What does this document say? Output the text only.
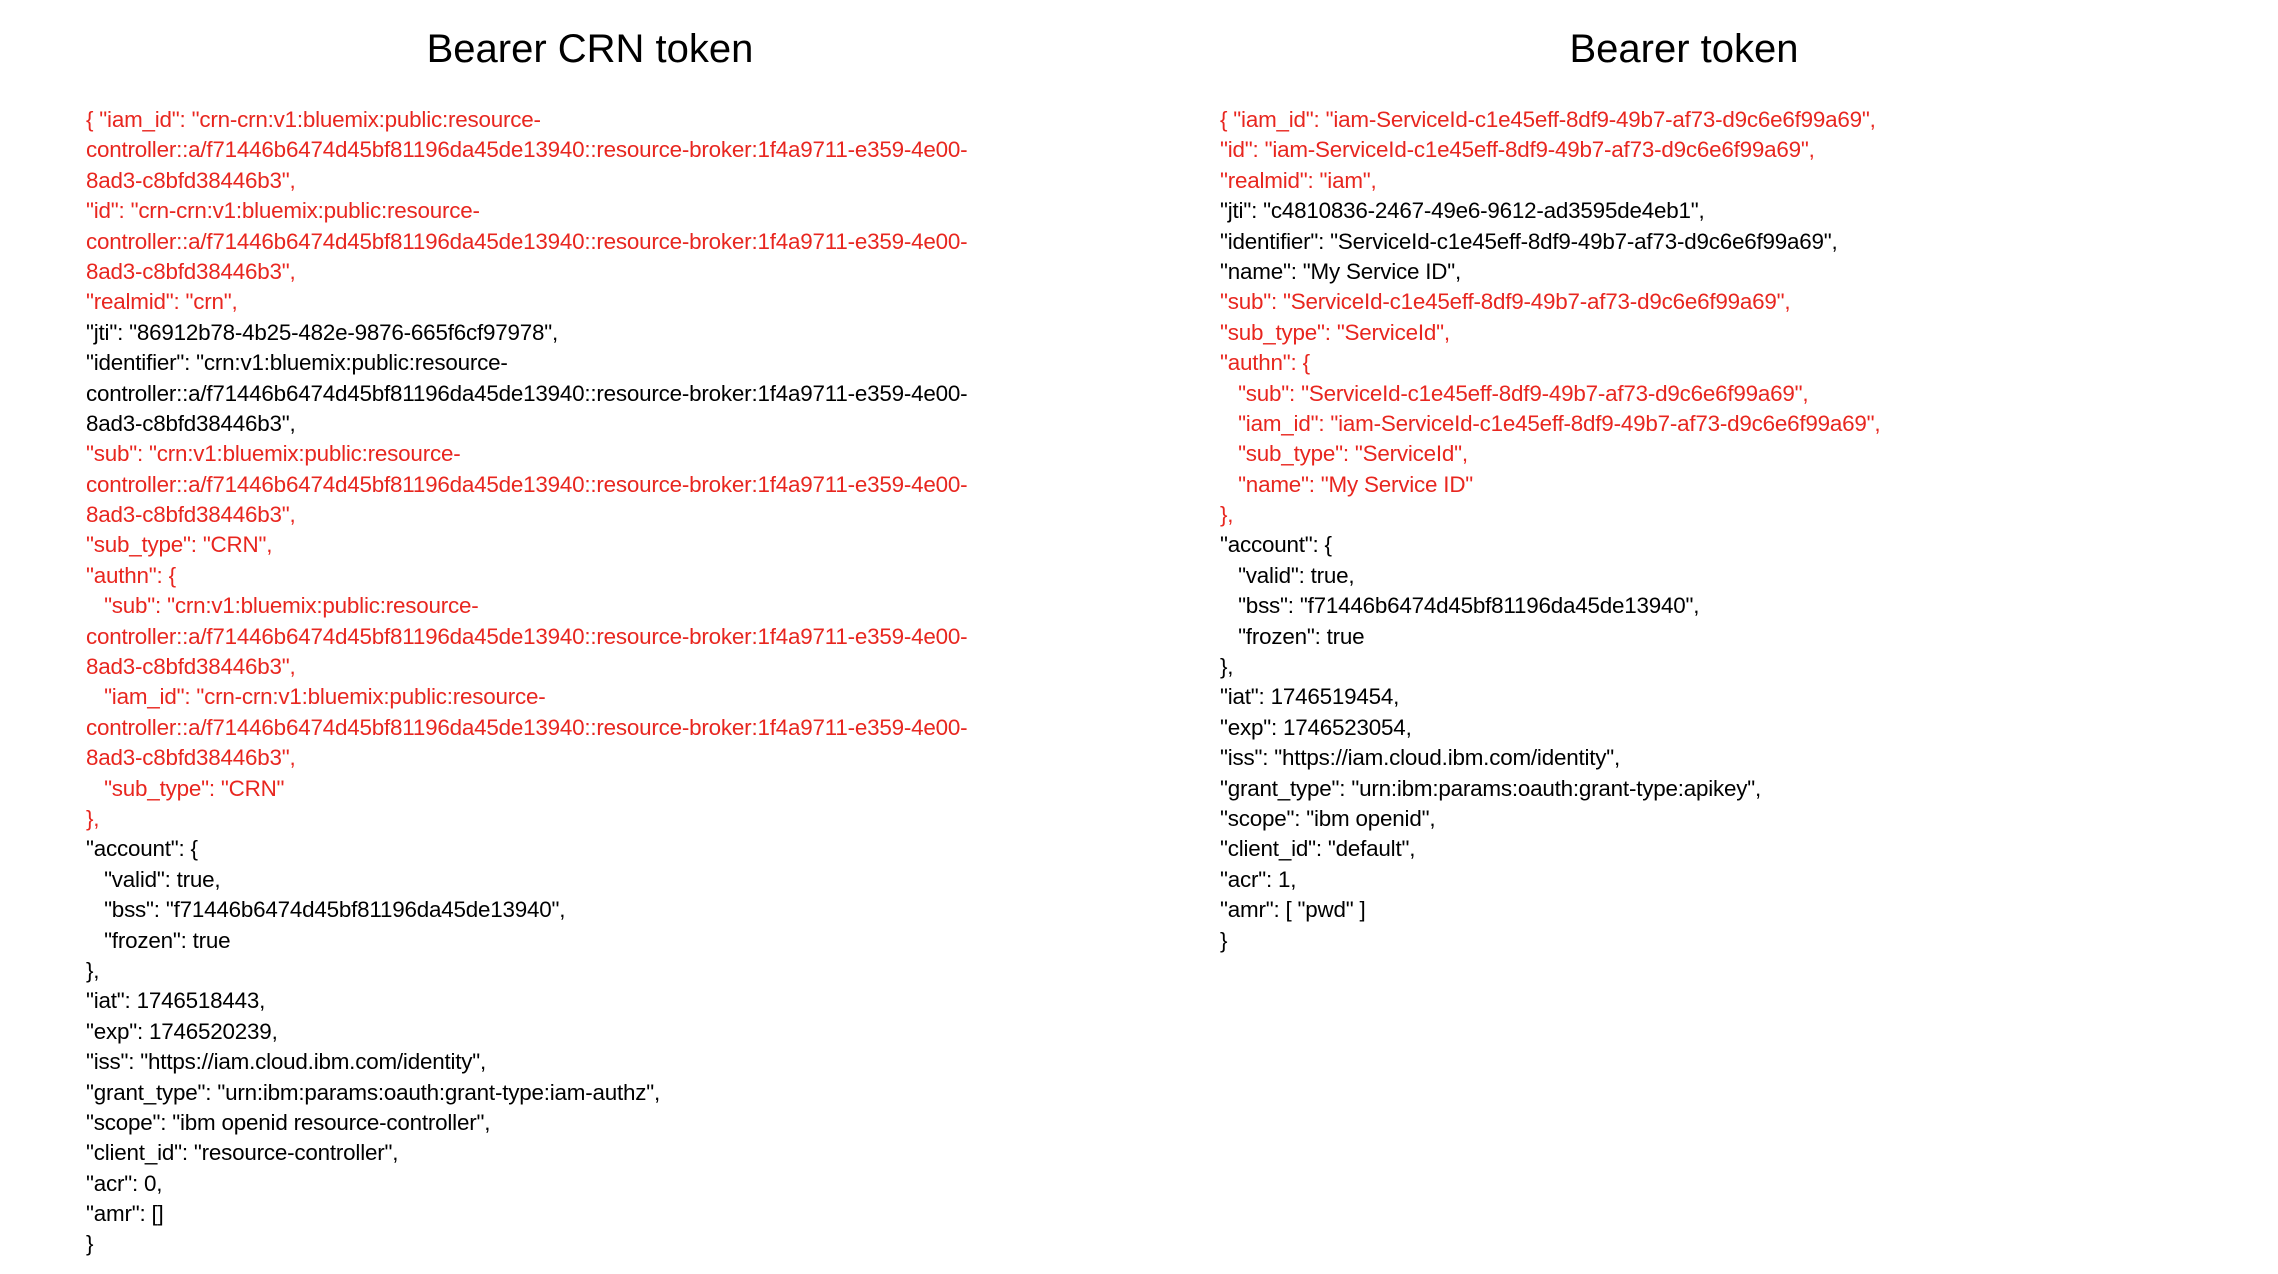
Bearer CRN token
{ "iam_id": "crn-crn:v1:bluemix:public:resource-
controller::a/f71446b6474d45bf81196da45de13940::resource-broker:1f4a9711-e359-4e00-
8ad3-c8bfd38446b3",
"id": "crn-crn:v1:bluemix:public:resource-
controller::a/f71446b6474d45bf81196da45de13940::resource-broker:1f4a9711-e359-4e00-
8ad3-c8bfd38446b3",
"realmid": "crn",
"jti": "86912b78-4b25-482e-9876-665f6cf97978",
"identifier": "crn:v1:bluemix:public:resource-
controller::a/f71446b6474d45bf81196da45de13940::resource-broker:1f4a9711-e359-4e00-
8ad3-c8bfd38446b3",
"sub": "crn:v1:bluemix:public:resource-
controller::a/f71446b6474d45bf81196da45de13940::resource-broker:1f4a9711-e359-4e00-
8ad3-c8bfd38446b3",
"sub_type": "CRN",
"authn": {
"sub": "crn:v1:bluemix:public:resource-
controller::a/f71446b6474d45bf81196da45de13940::resource-broker:1f4a9711-e359-4e00-
8ad3-c8bfd38446b3",
"iam_id": "crn-crn:v1:bluemix:public:resource-
controller::a/f71446b6474d45bf81196da45de13940::resource-broker:1f4a9711-e359-4e00-
8ad3-c8bfd38446b3",
"sub_type": "CRN"
},
"account": {
"valid": true,
"bss": "f71446b6474d45bf81196da45de13940",
"frozen": true
},
"iat": 1746518443,
"exp": 1746520239,
"iss": "https://iam.cloud.ibm.com/identity",
"grant_type": "urn:ibm:params:oauth:grant-type:iam-authz",
"scope": "ibm openid resource-controller",
"client_id": "resource-controller",
"acr": 0,
"amr": []
}
Bearer token
{ "iam_id": "iam-ServiceId-c1e45eff-8df9-49b7-af73-d9c6e6f99a69",
"id": "iam-ServiceId-c1e45eff-8df9-49b7-af73-d9c6e6f99a69",
"realmid": "iam",
"jti": "c4810836-2467-49e6-9612-ad3595de4eb1",
"identifier": "ServiceId-c1e45eff-8df9-49b7-af73-d9c6e6f99a69",
"name": "My Service ID",
"sub": "ServiceId-c1e45eff-8df9-49b7-af73-d9c6e6f99a69",
"sub_type": "ServiceId",
"authn": {
"sub": "ServiceId-c1e45eff-8df9-49b7-af73-d9c6e6f99a69",
"iam_id": "iam-ServiceId-c1e45eff-8df9-49b7-af73-d9c6e6f99a69",
"sub_type": "ServiceId",
"name": "My Service ID"
},
"account": {
"valid": true,
"bss": "f71446b6474d45bf81196da45de13940",
"frozen": true
},
"iat": 1746519454,
"exp": 1746523054,
"iss": "https://iam.cloud.ibm.com/identity",
"grant_type": "urn:ibm:params:oauth:grant-type:apikey",
"scope": "ibm openid",
"client_id": "default",
"acr": 1,
"amr": [ "pwd" ]
}
